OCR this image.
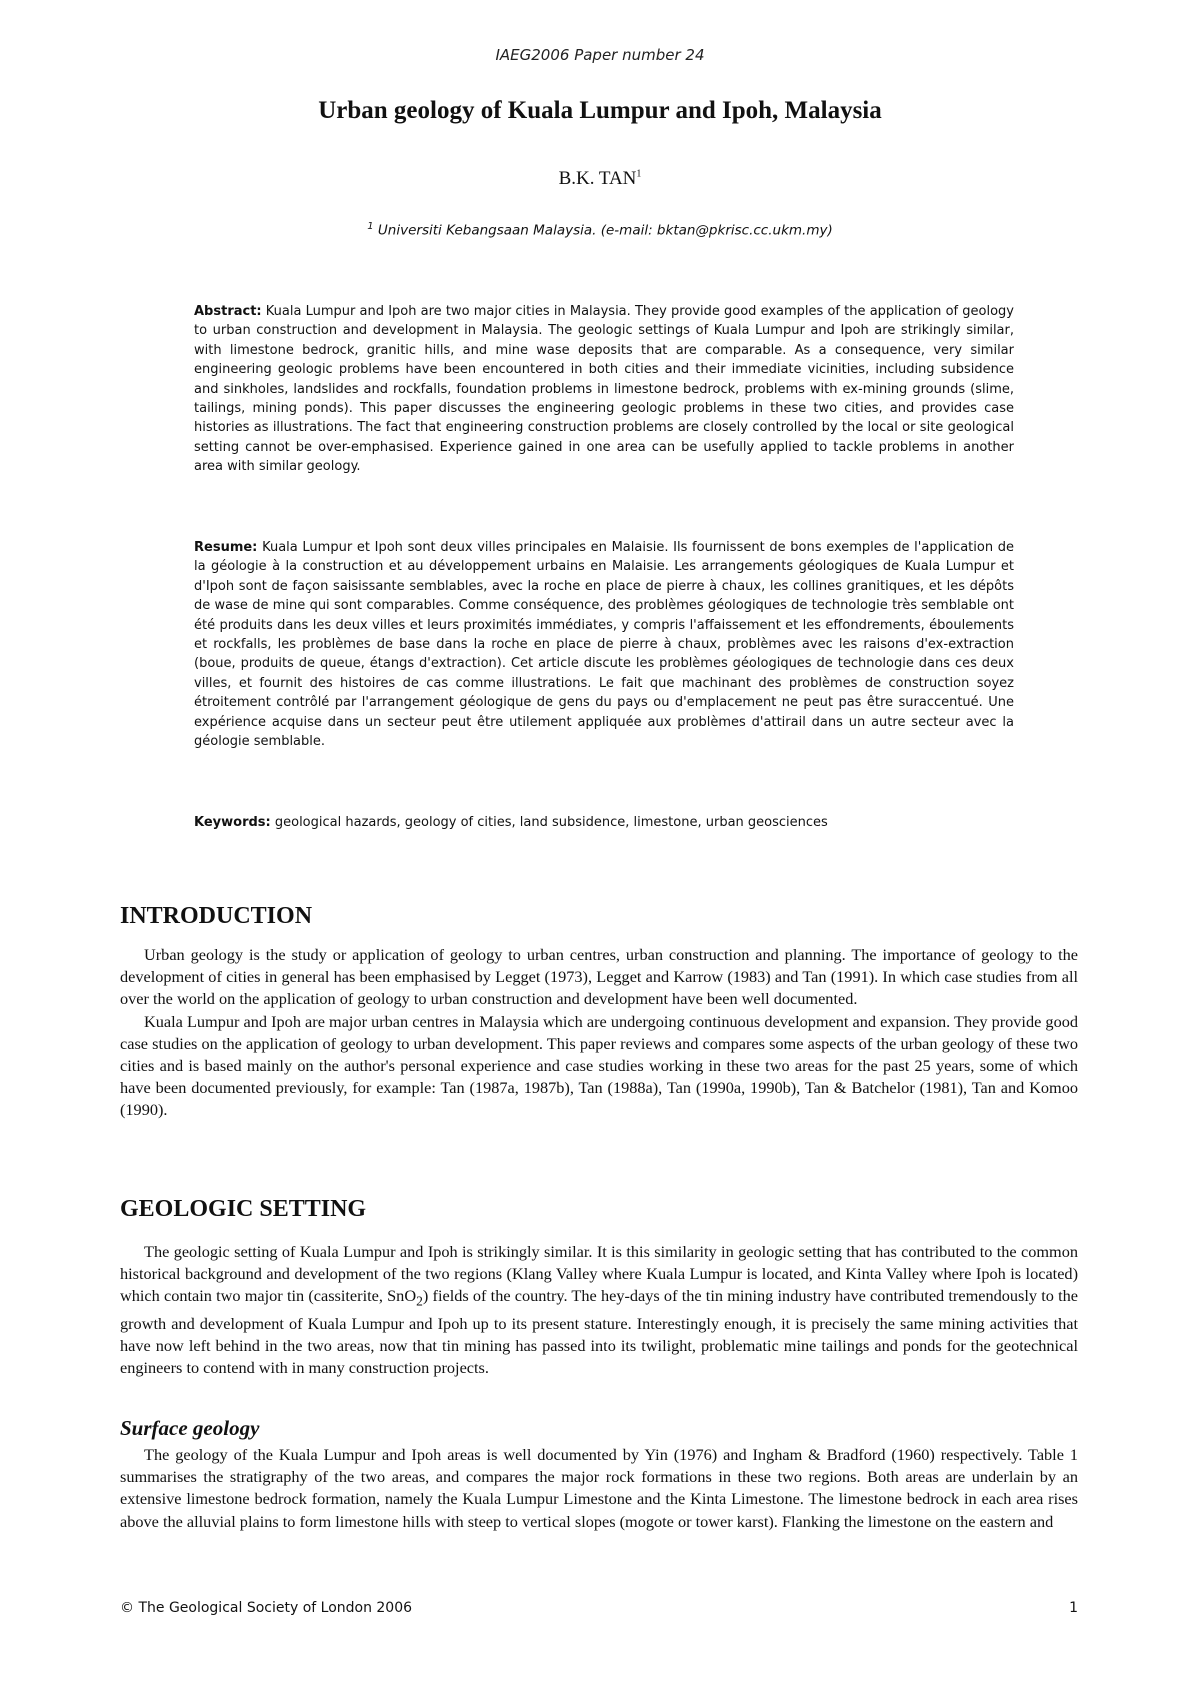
IAEG2006 Paper number 24
Urban geology of Kuala Lumpur and Ipoh, Malaysia
B.K. TAN$^1$
$^1$ Universiti Kebangsaan Malaysia. (e-mail: bktan@pkrisc.cc.ukm.my)

Abstract: Kuala Lumpur and Ipoh are two major cities in Malaysia. They provide good examples of the application of geology to urban construction and development in Malaysia. The geologic settings of Kuala Lumpur and Ipoh are strikingly similar, with limestone bedrock, granitic hills, and mine wase deposits that are comparable. As a consequence, very similar engineering geologic problems have been encountered in both cities and their immediate vicinities, including subsidence and sinkholes, landslides and rockfalls, foundation problems in limestone bedrock, problems with ex-mining grounds (slime, tailings, mining ponds). This paper discusses the engineering geologic problems in these two cities, and provides case histories as illustrations. The fact that engineering construction problems are closely controlled by the local or site geological setting cannot be over-emphasised. Experience gained in one area can be usefully applied to tackle problems in another area with similar geology.

Resume: Kuala Lumpur et Ipoh sont deux villes principales en Malaisie. Ils fournissent de bons exemples de l'application de la géologie à la construction et au développement urbains en Malaisie. Les arrangements géologiques de Kuala Lumpur et d'Ipoh sont de façon saisissante semblables, avec la roche en place de pierre à chaux, les collines granitiques, et les dépôts de wase de mine qui sont comparables. Comme conséquence, des problèmes géologiques de technologie très semblable ont été produits dans les deux villes et leurs proximités immédiates, y compris l'affaissement et les effondrements, éboulements et rockfalls, les problèmes de base dans la roche en place de pierre à chaux, problèmes avec les raisons d'ex-extraction (boue, produits de queue, étangs d'extraction). Cet article discute les problèmes géologiques de technologie dans ces deux villes, et fournit des histoires de cas comme illustrations. Le fait que machinant des problèmes de construction soyez étroitement contrôlé par l'arrangement géologique de gens du pays ou d'emplacement ne peut pas être suraccentué. Une expérience acquise dans un secteur peut être utilement appliquée aux problèmes d'attirail dans un autre secteur avec la géologie semblable.

Keywords: geological hazards, geology of cities, land subsidence, limestone, urban geosciences

INTRODUCTION

Urban geology is the study or application of geology to urban centres, urban construction and planning. The importance of geology to the development of cities in general has been emphasised by Legget (1973), Legget and Karrow (1983) and Tan (1991). In which case studies from all over the world on the application of geology to urban construction and development have been well documented.

Kuala Lumpur and Ipoh are major urban centres in Malaysia which are undergoing continuous development and expansion. They provide good case studies on the application of geology to urban development. This paper reviews and compares some aspects of the urban geology of these two cities and is based mainly on the author's personal experience and case studies working in these two areas for the past 25 years, some of which have been documented previously, for example: Tan (1987a, 1987b), Tan (1988a), Tan (1990a, 1990b), Tan & Batchelor (1981), Tan and Komoo (1990).

GEOLOGIC SETTING

The geologic setting of Kuala Lumpur and Ipoh is strikingly similar. It is this similarity in geologic setting that has contributed to the common historical background and development of the two regions (Klang Valley where Kuala Lumpur is located, and Kinta Valley where Ipoh is located) which contain two major tin (cassiterite, SnO$_2$) fields of the country. The hey-days of the tin mining industry have contributed tremendously to the growth and development of Kuala Lumpur and Ipoh up to its present stature. Interestingly enough, it is precisely the same mining activities that have now left behind in the two areas, now that tin mining has passed into its twilight, problematic mine tailings and ponds for the geotechnical engineers to contend with in many construction projects.

Surface geology

The geology of the Kuala Lumpur and Ipoh areas is well documented by Yin (1976) and Ingham & Bradford (1960) respectively. Table 1 summarises the stratigraphy of the two areas, and compares the major rock formations in these two regions. Both areas are underlain by an extensive limestone bedrock formation, namely the Kuala Lumpur Limestone and the Kinta Limestone. The limestone bedrock in each area rises above the alluvial plains to form limestone hills with steep to vertical slopes (mogote or tower karst). Flanking the limestone on the eastern and

© The Geological Society of London 2006	1
